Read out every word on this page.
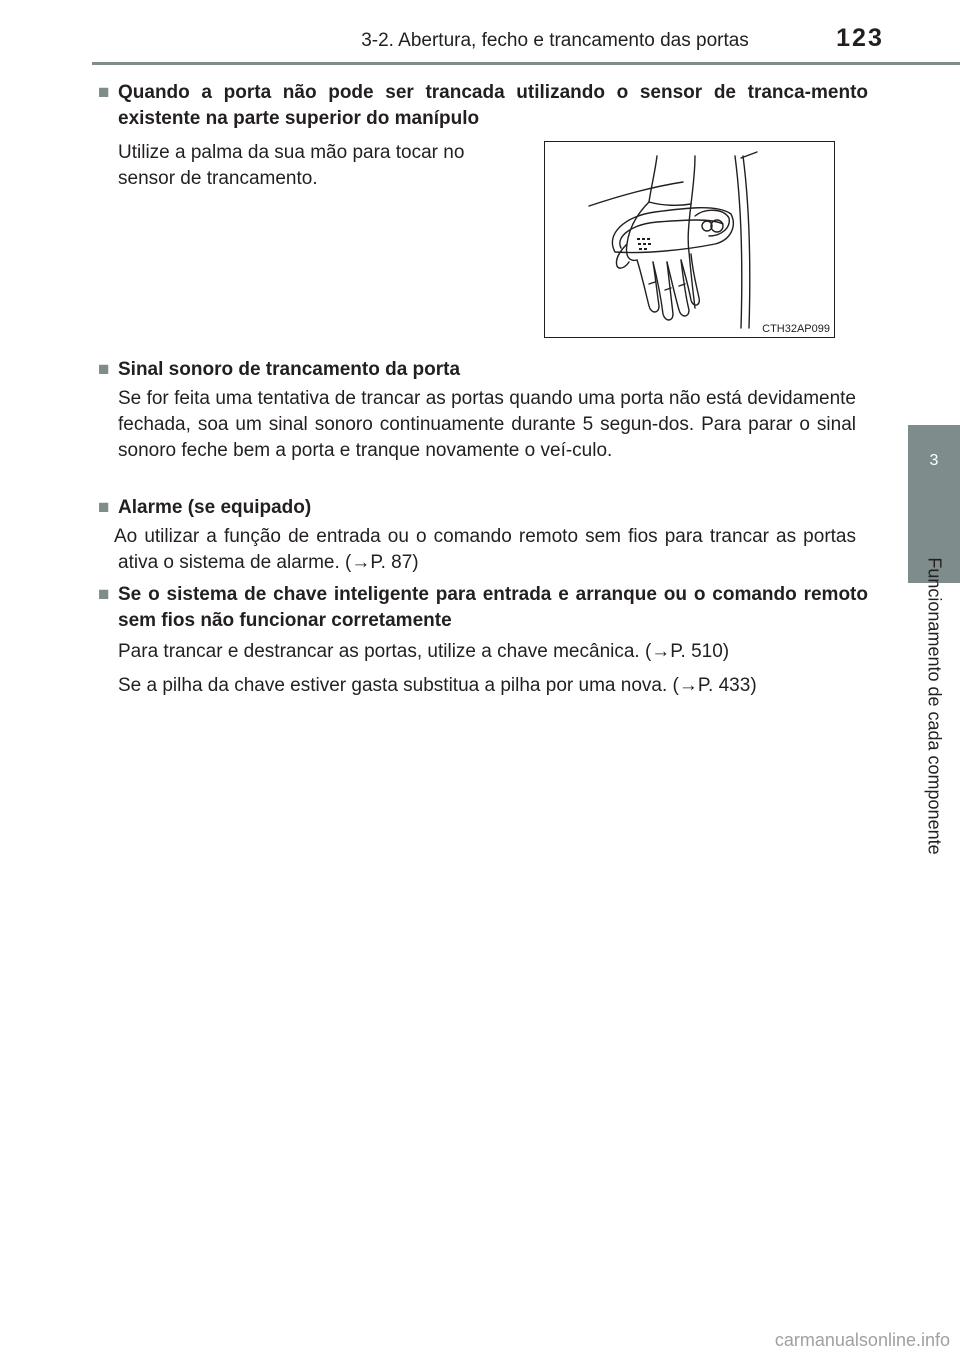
3-2. Abertura, fecho e trancamento das portas	123
3
Funcionamento de cada componente
■ Quando a porta não pode ser trancada utilizando o sensor de tranca-mento existente na parte superior do manípulo
Utilize a palma da sua mão para tocar no sensor de trancamento.
CTH32AP099
■ Sinal sonoro de trancamento da porta
Se for feita uma tentativa de trancar as portas quando uma porta não está devidamente fechada, soa um sinal sonoro continuamente durante 5 segun-dos. Para parar o sinal sonoro feche bem a porta e tranque novamente o veí-culo.
■ Alarme (se equipado)
Ao utilizar a função de entrada ou o comando remoto sem fios para trancar as portas ativa o sistema de alarme. (→P. 87)
■ Se o sistema de chave inteligente para entrada e arranque ou o comando remoto sem fios não funcionar corretamente
Para trancar e destrancar as portas, utilize a chave mecânica. (→P. 510)
Se a pilha da chave estiver gasta substitua a pilha por uma nova. (→P. 433)
carmanualsonline.info
